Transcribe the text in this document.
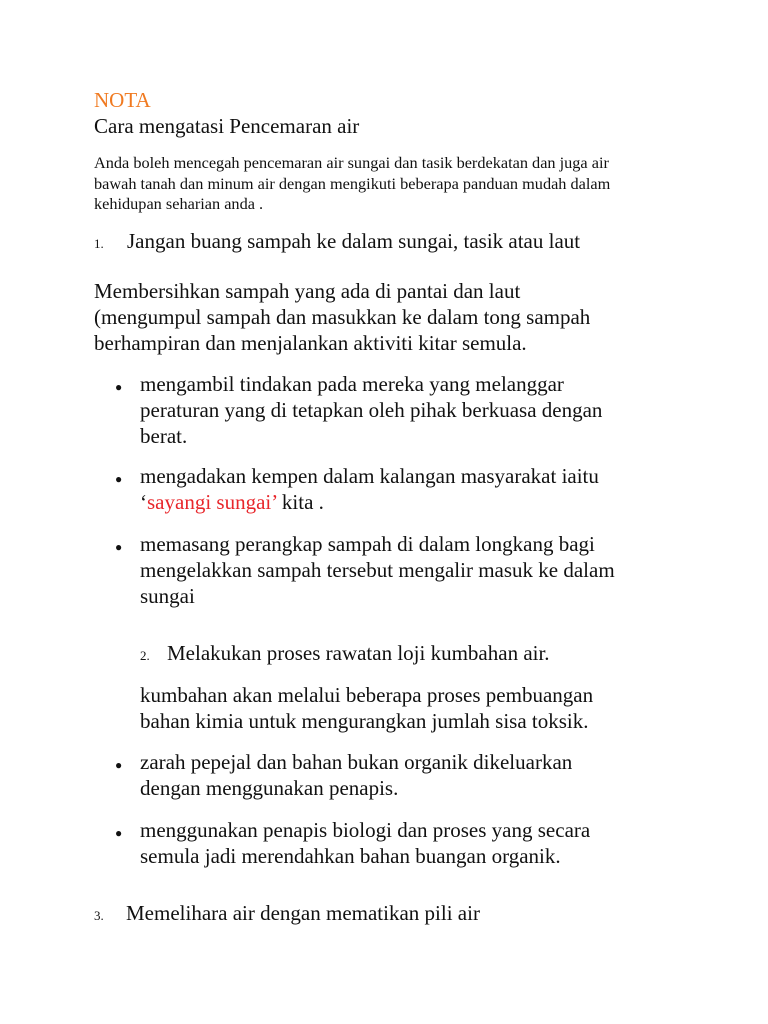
NOTA
Cara mengatasi Pencemaran air
Anda boleh mencegah pencemaran air sungai dan tasik berdekatan dan juga air
bawah tanah dan minum air dengan mengikuti beberapa panduan mudah dalam
kehidupan seharian anda .
1. Jangan buang sampah ke dalam sungai, tasik atau laut
Membersihkan sampah yang ada di pantai dan laut
(mengumpul sampah dan masukkan ke dalam tong sampah
berhampiran dan menjalankan aktiviti kitar semula.
● mengambil tindakan pada mereka yang melanggar
peraturan yang di tetapkan oleh pihak berkuasa dengan
berat.
● mengadakan kempen dalam kalangan masyarakat iaitu
‘sayangi sungai’ kita .
● memasang perangkap sampah di dalam longkang bagi
mengelakkan sampah tersebut mengalir masuk ke dalam
sungai
2. Melakukan proses rawatan loji kumbahan air.
kumbahan akan melalui beberapa proses pembuangan
bahan kimia untuk mengurangkan jumlah sisa toksik.
● zarah pepejal dan bahan bukan organik dikeluarkan
dengan menggunakan penapis.
● menggunakan penapis biologi dan proses yang secara
semula jadi merendahkan bahan buangan organik.
3. Memelihara air dengan mematikan pili air
